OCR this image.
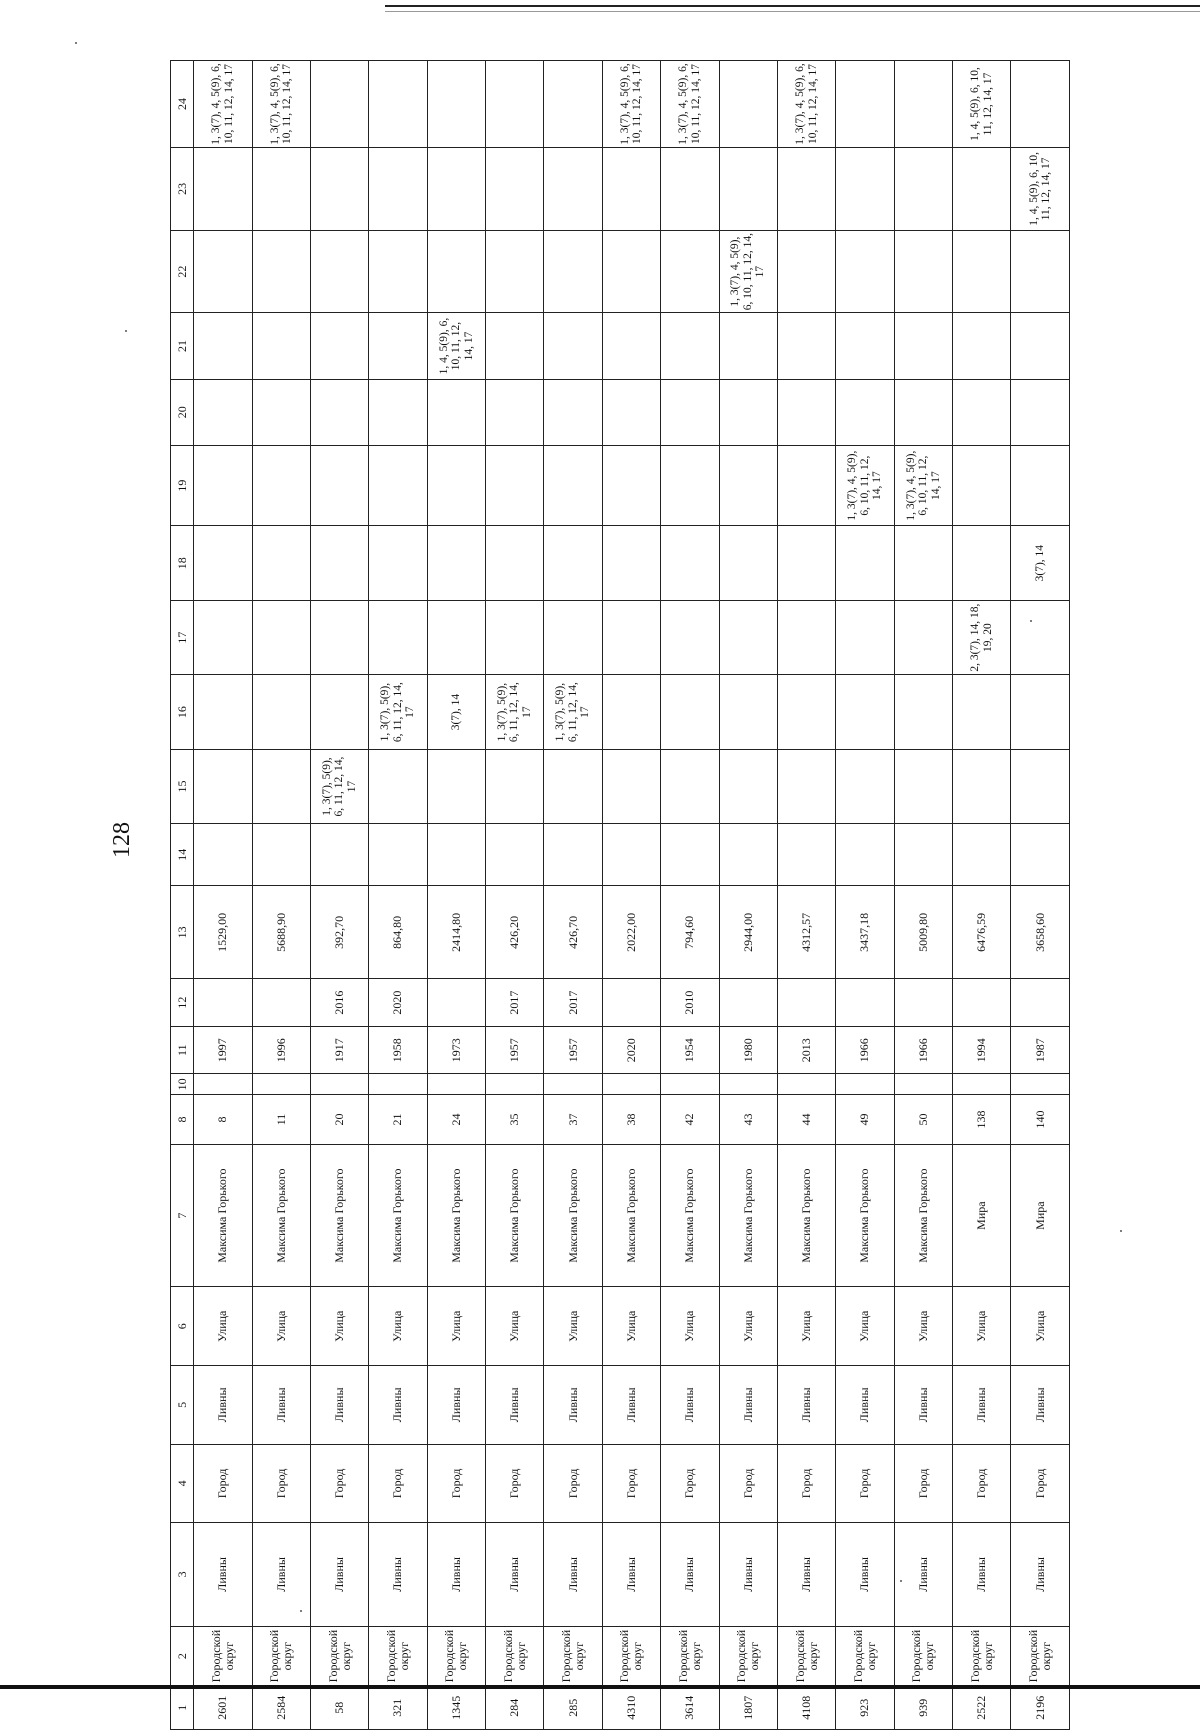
128
1	2	3	4	5	6	7	8	10	11	12	13	14	15	16	17	18	19	20	21	22	23	24
2601	Городской округ	Ливны	Город	Ливны	Улица	Максима Горького	8		1997		1529,00											1, 3(7), 4, 5(9), 6, 10, 11, 12, 14, 17
2584	Городской округ	Ливны	Город	Ливны	Улица	Максима Горького	11		1996		5688,90											1, 3(7), 4, 5(9), 6, 10, 11, 12, 14, 17
58	Городской округ	Ливны	Город	Ливны	Улица	Максима Горького	20		1917	2016	392,70		1, 3(7), 5(9), 6, 11, 12, 14, 17									
321	Городской округ	Ливны	Город	Ливны	Улица	Максима Горького	21		1958	2020	864,80			1, 3(7), 5(9), 6, 11, 12, 14, 17								
1345	Городской округ	Ливны	Город	Ливны	Улица	Максима Горького	24		1973		2414,80			3(7), 14					1, 4, 5(9), 6, 10, 11, 12, 14, 17			
284	Городской округ	Ливны	Город	Ливны	Улица	Максима Горького	35		1957	2017	426,20			1, 3(7), 5(9), 6, 11, 12, 14, 17								
285	Городской округ	Ливны	Город	Ливны	Улица	Максима Горького	37		1957	2017	426,70			1, 3(7), 5(9), 6, 11, 12, 14, 17								
4310	Городской округ	Ливны	Город	Ливны	Улица	Максима Горького	38		2020		2022,00											1, 3(7), 4, 5(9), 6, 10, 11, 12, 14, 17
3614	Городской округ	Ливны	Город	Ливны	Улица	Максима Горького	42		1954	2010	794,60											1, 3(7), 4, 5(9), 6, 10, 11, 12, 14, 17
1807	Городской округ	Ливны	Город	Ливны	Улица	Максима Горького	43		1980		2944,00									1, 3(7), 4, 5(9), 6, 10, 11, 12, 14, 17		
4108	Городской округ	Ливны	Город	Ливны	Улица	Максима Горького	44		2013		4312,57											1, 3(7), 4, 5(9), 6, 10, 11, 12, 14, 17
923	Городской округ	Ливны	Город	Ливны	Улица	Максима Горького	49		1966		3437,18						1, 3(7), 4, 5(9), 6, 10, 11, 12, 14, 17					
939	Городской округ	Ливны	Город	Ливны	Улица	Максима Горького	50		1966		5009,80						1, 3(7), 4, 5(9), 6, 10, 11, 12, 14, 17					
2522	Городской округ	Ливны	Город	Ливны	Улица	Мира	138		1994		6476,59				2, 3(7), 14, 18, 19, 20							1, 4, 5(9), 6, 10, 11, 12, 14, 17
2196	Городской округ	Ливны	Город	Ливны	Улица	Мира	140		1987		3658,60					3(7), 14					1, 4, 5(9), 6, 10, 11, 12, 14, 17	
